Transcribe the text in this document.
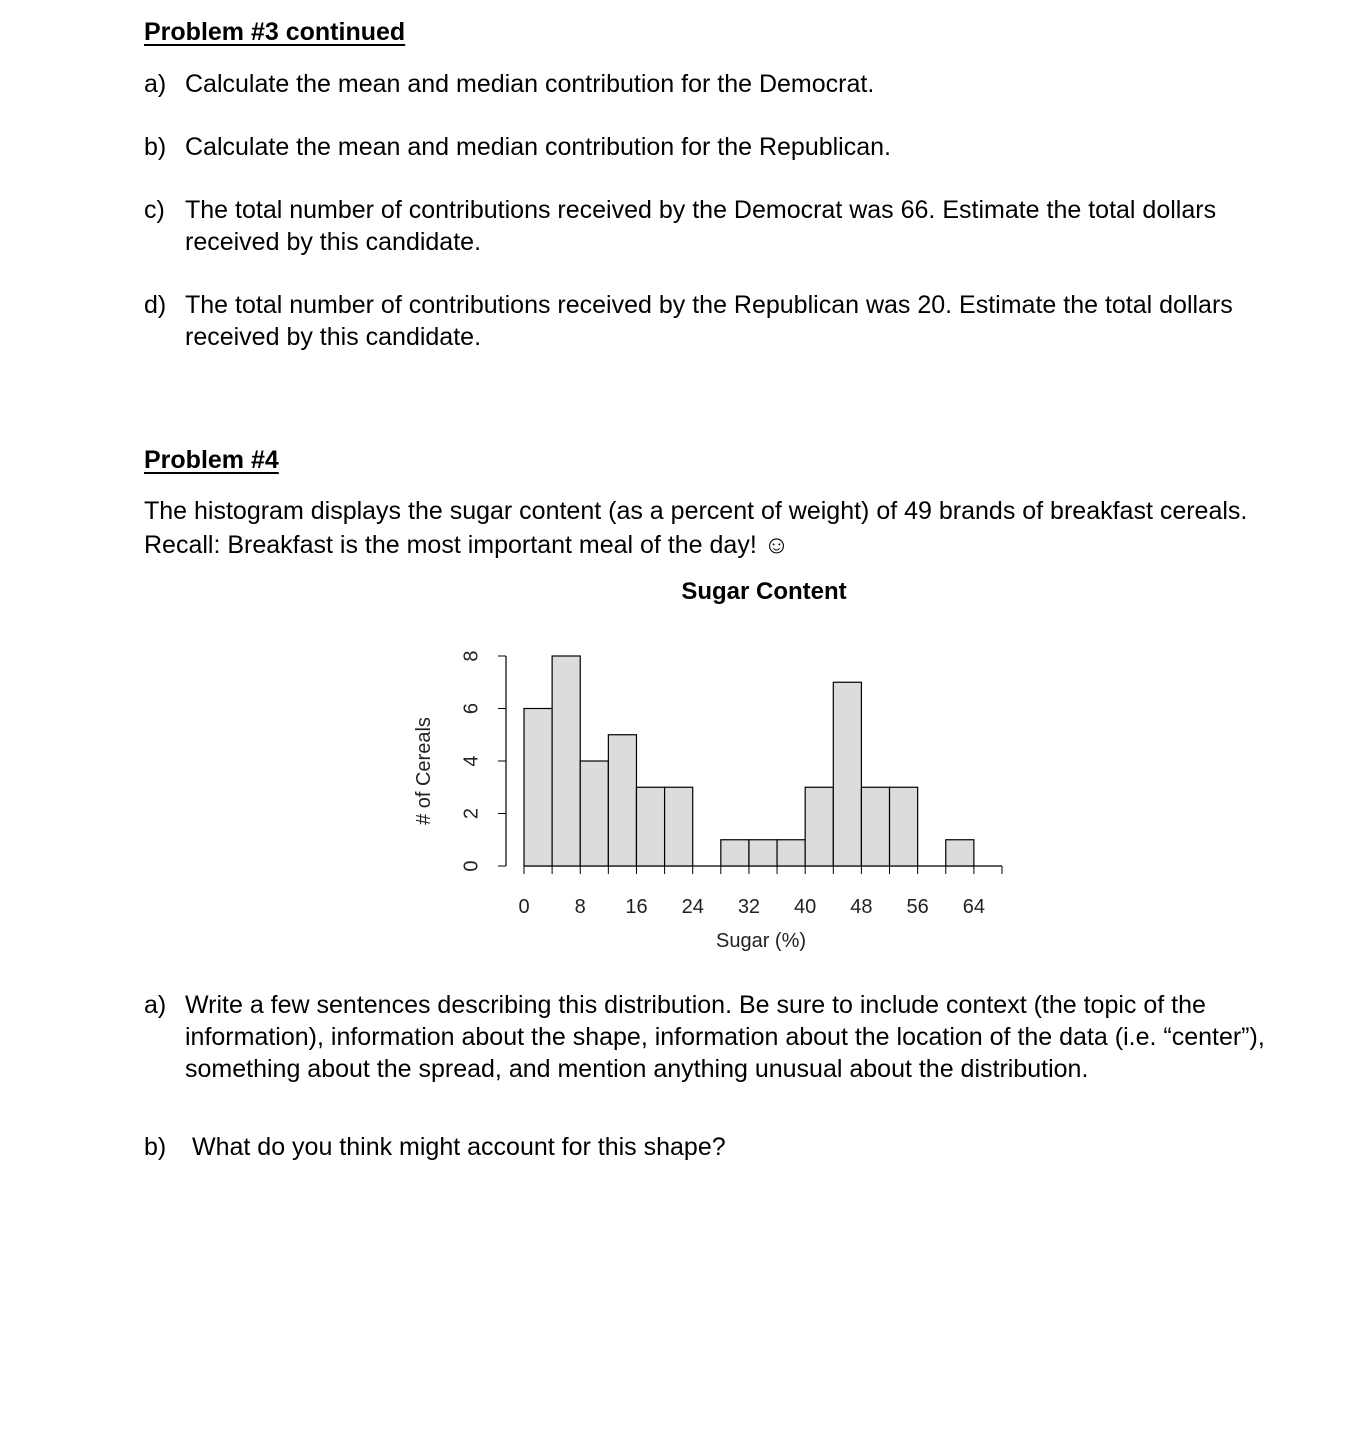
Problem #3 continued
a) Calculate the mean and median contribution for the Democrat.
b) Calculate the mean and median contribution for the Republican.
c) The total number of contributions received by the Democrat was 66. Estimate the total dollars received by this candidate.
d) The total number of contributions received by the Republican was 20. Estimate the total dollars received by this candidate.
Problem #4

The histogram displays the sugar content (as a percent of weight) of 49 brands of breakfast cereals. Recall: Breakfast is the most important meal of the day! ☺

Sugar Content
0 8 16 24 32 40 48 56 64
Sugar (%)
0
2
4
6
8
# of Cereals
a) Write a few sentences describing this distribution. Be sure to include context (the topic of the information), information about the shape, information about the location of the data (i.e. “center”), something about the spread, and mention anything unusual about the distribution.
b)	What do you think might account for this shape?
